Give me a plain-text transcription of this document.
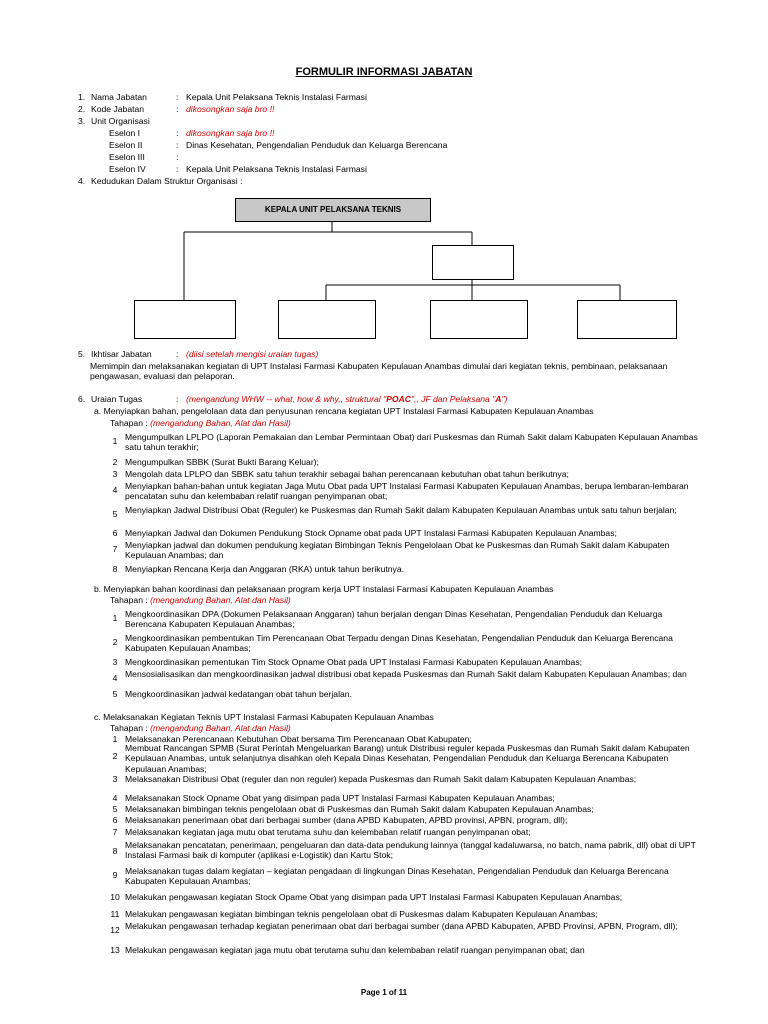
FORMULIR INFORMASI JABATAN
1. Nama Jabatan	: Kepala Unit Pelaksana Teknis Instalasi Farmasi
2. Kode Jabatan	: dikosongkan saja bro !!
3. Unit Organisasi
Eselon I	: dikosongkan saja bro !!
Eselon II	: Dinas Kesehatan, Pengendalian Penduduk dan Keluarga Berencana
Eselon III	:
Eselon IV	: Kepala Unit Pelaksana Teknis Instalasi Farmasi
4. Kedudukan Dalam Struktur Organisasi :
KEPALA UNIT PELAKSANA TEKNIS
5. Ikhtisar Jabatan	: (diisi setelah mengisi uraian tugas)
Memimpin dan melaksanakan kegiatan di UPT Instalasi Farmasi Kabupaten Kepulauan Anambas dimulai dari kegiatan teknis, pembinaan, pelaksanaan pengawasan, evaluasi dan pelaporan.
6. Uraian Tugas	: (mengandung WHW -- what, how & why,, struktural "POAC",, JF dan Pelaksana "A")
a. Menyiapkan bahan, pengelolaan data dan penyusunan rencana kegiatan UPT Instalasi Farmasi Kabupaten Kepulauan Anambas
Tahapan : (mengandung Bahan, Alat dan Hasil)
1 Mengumpulkan LPLPO (Laporan Pemakaian dan Lembar Permintaan Obat) dari Puskesmas dan Rumah Sakit dalam Kabupaten Kepulauan Anambas satu tahun terakhir;
2 Mengumpulkan SBBK (Surat Bukti Barang Keluar);
3 Mengolah data LPLPO dan SBBK satu tahun terakhir sebagai bahan perencanaan kebutuhan obat tahun berikutnya;
4 Menyiapkan bahan-bahan untuk kegiatan Jaga Mutu Obat pada UPT Instalasi Farmasi Kabupaten Kepulauan Anambas, berupa lembaran-lembaran pencatatan suhu dan kelembaban relatif ruangan penyimpanan obat;
5 Menyiapkan Jadwal Distribusi Obat (Reguler) ke Puskesmas dan Rumah Sakit dalam Kabupaten Kepulauan Anambas untuk satu tahun berjalan;
6 Menyiapkan Jadwal dan Dokumen Pendukung Stock Opname obat pada UPT Instalasi Farmasi Kabupaten Kepulauan Anambas;
7 Menyiapkan jadwal dan dokumen pendukung kegiatan Bimbingan Teknis Pengelolaan Obat ke Puskesmas dan Rumah Sakit dalam Kabupaten Kepulauan Anambas; dan
8 Menyiapkan Rencana Kerja dan Anggaran (RKA) untuk tahun berikutnya.
b. Menyiapkan bahan koordinasi dan pelaksanaan program kerja UPT Instalasi Farmasi Kabupaten Kepulauan Anambas
Tahapan : (mengandung Bahan, Alat dan Hasil)
1 Mengkoordinasikan DPA (Dokumen Pelaksanaan Anggaran) tahun berjalan dengan Dinas Kesehatan, Pengendalian Penduduk dan Keluarga Berencana Kabupaten Kepulauan Anambas;
2 Mengkoordinasikan pembentukan Tim Perencanaan Obat Terpadu dengan Dinas Kesehatan, Pengendalian Penduduk dan Keluarga Berencana Kabupaten Kepulauan Anambas;
3 Mengkoordinasikan pementukan Tim Stock Opname Obat pada UPT Instalasi Farmasi Kabupaten Kepulauan Anambas;
4 Mensosialisasikan dan mengkoordinasikan jadwal distribusi obat kepada Puskesmas dan Rumah Sakit dalam Kabupaten Kepulauan Anambas; dan
5 Mengkoordinasikan jadwal kedatangan obat tahun berjalan.
c. Melaksanakan Kegiatan Teknis UPT Instalasi Farmasi Kabupaten Kepulauan Anambas
Tahapan : (mengandung Bahan, Alat dan Hasil)
1 Melaksanakan Perencanaan Kebutuhan Obat bersama Tim Perencanaan Obat Kabupaten;
2
Membuat Rancangan SPMB (Surat Perintah Mengeluarkan Barang) untuk Distribusi reguler kepada Puskesmas dan Rumah Sakit dalam Kabupaten Kepulauan Anambas, untuk selanjutnya disahkan oleh Kepala Dinas Kesehatan, Pengendalian Penduduk dan Keluarga Berencana Kabupaten Kepulauan Anambas;
3 Melaksanakan Distribusi Obat (reguler dan non reguler) kepada Puskesmas dan Rumah Sakit dalam Kabupaten Kepulauan Anambas;
4 Melaksanakan Stock Opname Obat yang disimpan pada UPT Instalasi Farmasi Kabupaten Kepulauan Anambas;
5 Melaksanakan bimbingan teknis pengelolaan obat di Puskesmas dan Rumah Sakit dalam Kabupaten Kepulauan Anambas;
6 Melaksanakan penerimaan obat dari berbagai sumber (dana APBD Kabupaten, APBD provinsi, APBN, program, dll);
7 Melaksanakan kegiatan jaga mutu obat terutama suhu dan kelembaban relatif ruangan penyimpanan obat;
8
Melaksanakan pencatatan, penerimaan, pengeluaran dan data-data pendukung lainnya (tanggal kadaluwarsa, no batch, nama pabrik, dll) obat di UPT Instalasi Farmasi baik di komputer (aplikasi e-Logistik) dan Kartu Stok;
9 Melaksanakan tugas dalam kegiatan – kegiatan pengadaan di lingkungan Dinas Kesehatan, Pengendalian Penduduk dan Keluarga Berencana Kabupaten Kepulauan Anambas;
10 Melakukan pengawasan kegiatan Stock Opame Obat yang disimpan pada UPT Instalasi Farmasi Kabupaten Kepulauan Anambas;
11 Melakukan pengawasan kegiatan bimbingan teknis pengelolaan obat di Puskesmas dalam Kabupaten Kepulauan Anambas;
12 Melakukan pengawasan terhadap kegiatan penerimaan obat dari berbagai sumber (dana APBD Kabupaten, APBD Provinsi, APBN, Program, dll);
13 Melakukan pengawasan kegiatan jaga mutu obat terutama suhu dan kelembaban relatif ruangan penyimpanan obat; dan
Page 1 of 11
